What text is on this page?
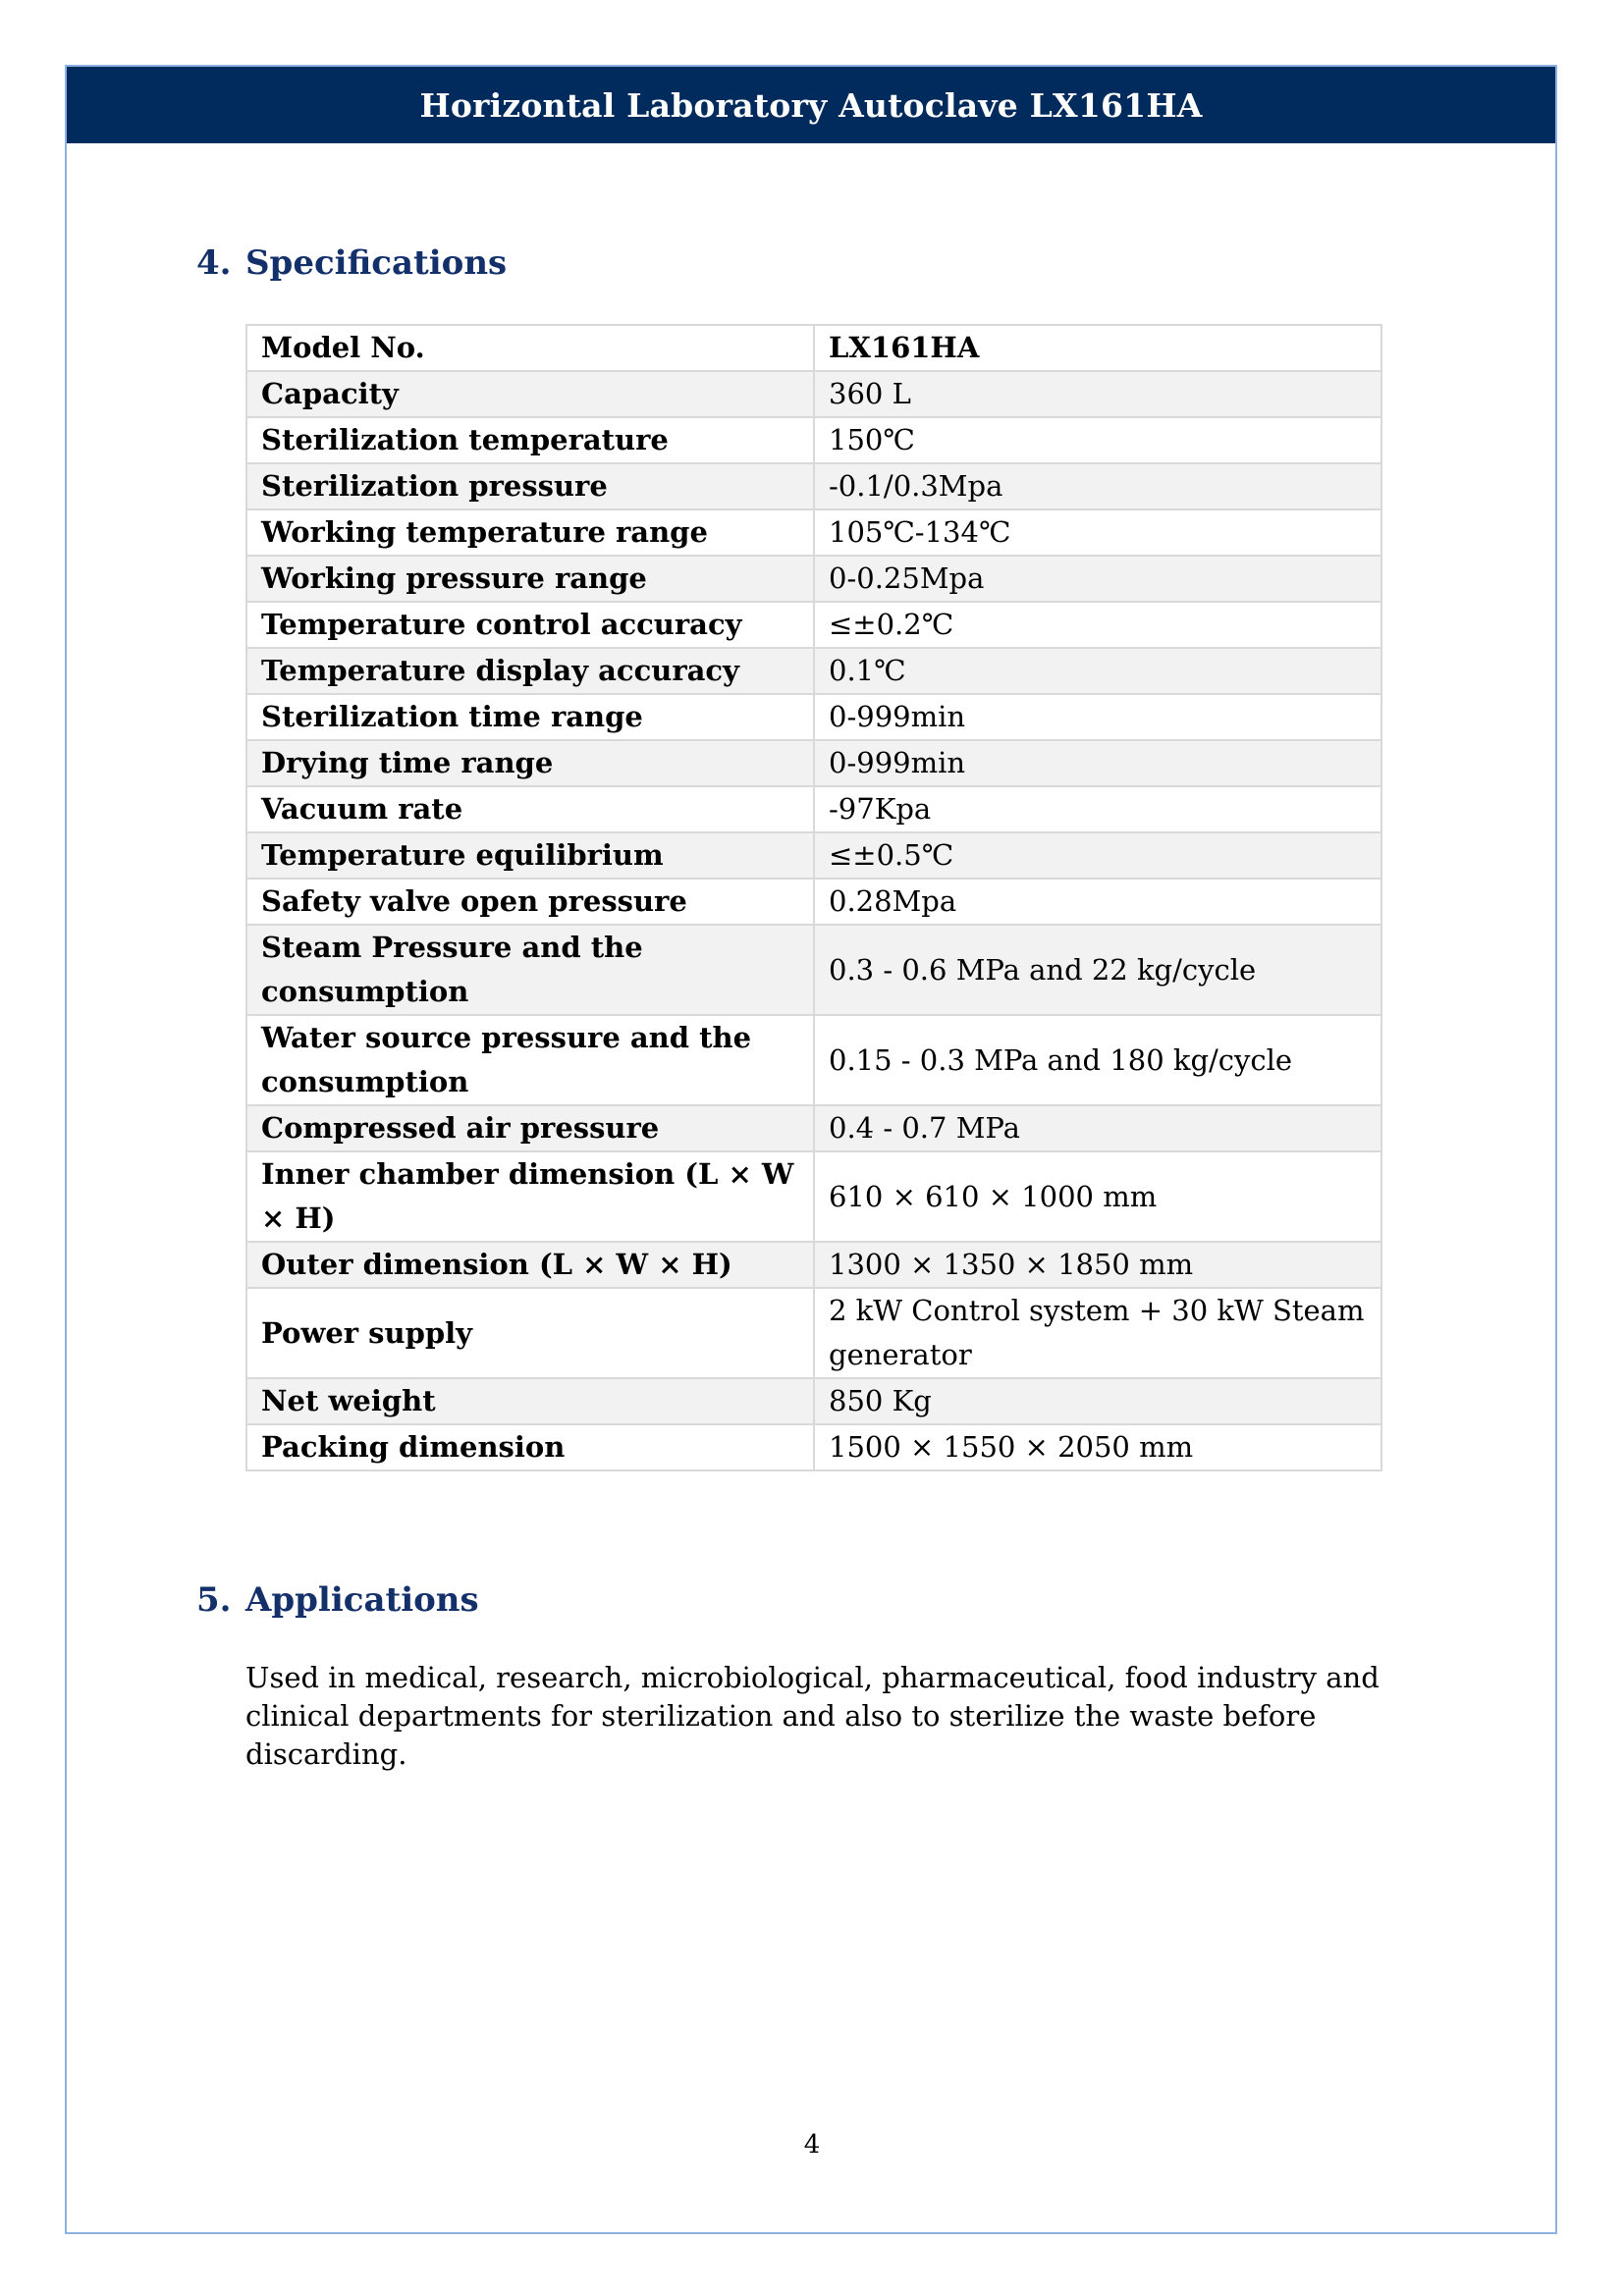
Horizontal Laboratory Autoclave LX161HA
4. Specifications
Model No.	LX161HA
Capacity	360 L
Sterilization temperature	150℃
Sterilization pressure	-0.1/0.3Mpa
Working temperature range	105℃-134℃
Working pressure range	0-0.25Mpa
Temperature control accuracy	≤±0.2℃
Temperature display accuracy	0.1℃
Sterilization time range	0-999min
Drying time range	0-999min
Vacuum rate	-97Kpa
Temperature equilibrium	≤±0.5℃
Safety valve open pressure	0.28Mpa
Steam Pressure and the consumption	0.3 - 0.6 MPa and 22 kg/cycle
Water source pressure and the consumption	0.15 - 0.3 MPa and 180 kg/cycle
Compressed air pressure	0.4 - 0.7 MPa
Inner chamber dimension (L × W × H)	610 × 610 × 1000 mm
Outer dimension (L × W × H)	1300 × 1350 × 1850 mm
Power supply	2 kW Control system + 30 kW Steam generator
Net weight	850 Kg
Packing dimension	1500 × 1550 × 2050 mm
5. Applications
Used in medical, research, microbiological, pharmaceutical, food industry and clinical departments for sterilization and also to sterilize the waste before discarding.
4
